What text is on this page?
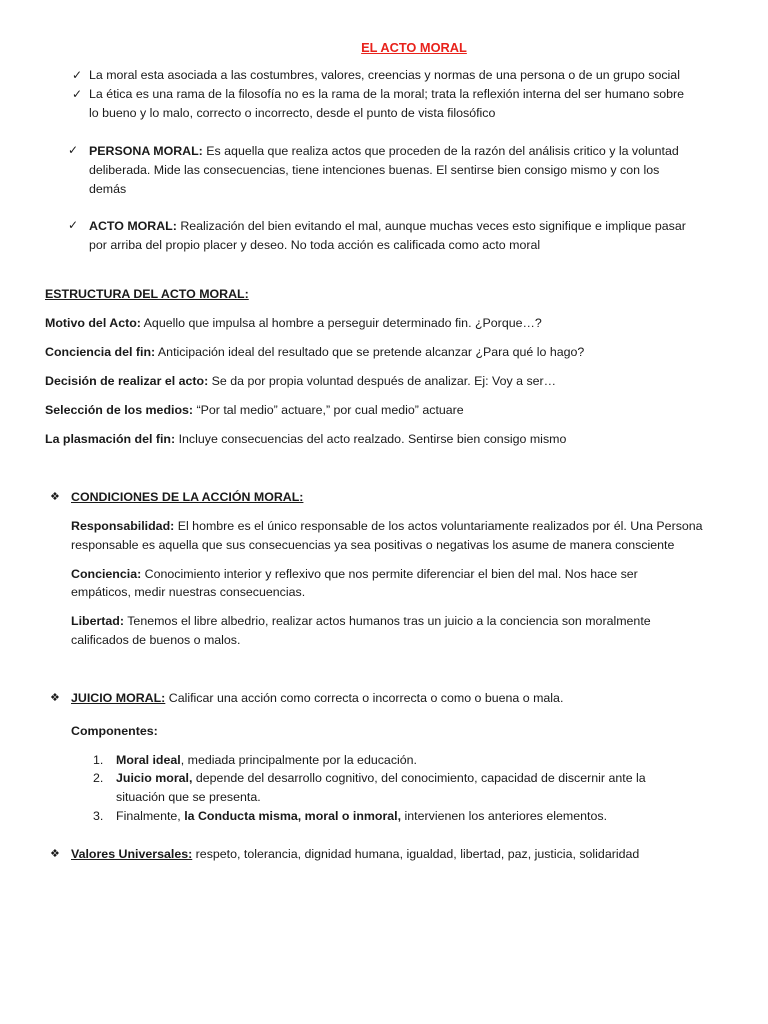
EL ACTO MORAL
✓ La moral esta asociada a las costumbres, valores, creencias y normas de una persona o de un grupo social
✓ La ética es una rama de la filosofía no es la rama de la moral; trata la reflexión interna del ser humano sobre
lo bueno y lo malo, correcto o incorrecto, desde el punto de vista filosófico
✓ PERSONA MORAL: Es aquella que realiza actos que proceden de la razón del análisis critico y la voluntad
deliberada. Mide las consecuencias, tiene intenciones buenas. El sentirse bien consigo mismo y con los
demás
✓ ACTO MORAL: Realización del bien evitando el mal, aunque muchas veces esto signifique e implique pasar
por arriba del propio placer y deseo. No toda acción es calificada como acto moral
ESTRUCTURA DEL ACTO MORAL:
Motivo del Acto: Aquello que impulsa al hombre a perseguir determinado fin. ¿Porque…?
Conciencia del fin: Anticipación ideal del resultado que se pretende alcanzar ¿Para qué lo hago?
Decisión de realizar el acto: Se da por propia voluntad después de analizar. Ej: Voy a ser…
Selección de los medios: “Por tal medio” actuare,” por cual medio” actuare
La plasmación del fin: Incluye consecuencias del acto realzado. Sentirse bien consigo mismo
❖ CONDICIONES DE LA ACCIÓN MORAL:
Responsabilidad: El hombre es el único responsable de los actos voluntariamente realizados por él. Una Persona
responsable es aquella que sus consecuencias ya sea positivas o negativas los asume de manera consciente
Conciencia: Conocimiento interior y reflexivo que nos permite diferenciar el bien del mal. Nos hace ser
empáticos, medir nuestras consecuencias.
Libertad: Tenemos el libre albedrio, realizar actos humanos tras un juicio a la conciencia son moralmente
calificados de buenos o malos.
❖ JUICIO MORAL: Calificar una acción como correcta o incorrecta o como o buena o mala.
Componentes:
1. Moral ideal, mediada principalmente por la educación.
2. Juicio moral, depende del desarrollo cognitivo, del conocimiento, capacidad de discernir ante la
situación que se presenta.
3. Finalmente, la Conducta misma, moral o inmoral, intervienen los anteriores elementos.
❖ Valores Universales: respeto, tolerancia, dignidad humana, igualdad, libertad, paz, justicia, solidaridad
